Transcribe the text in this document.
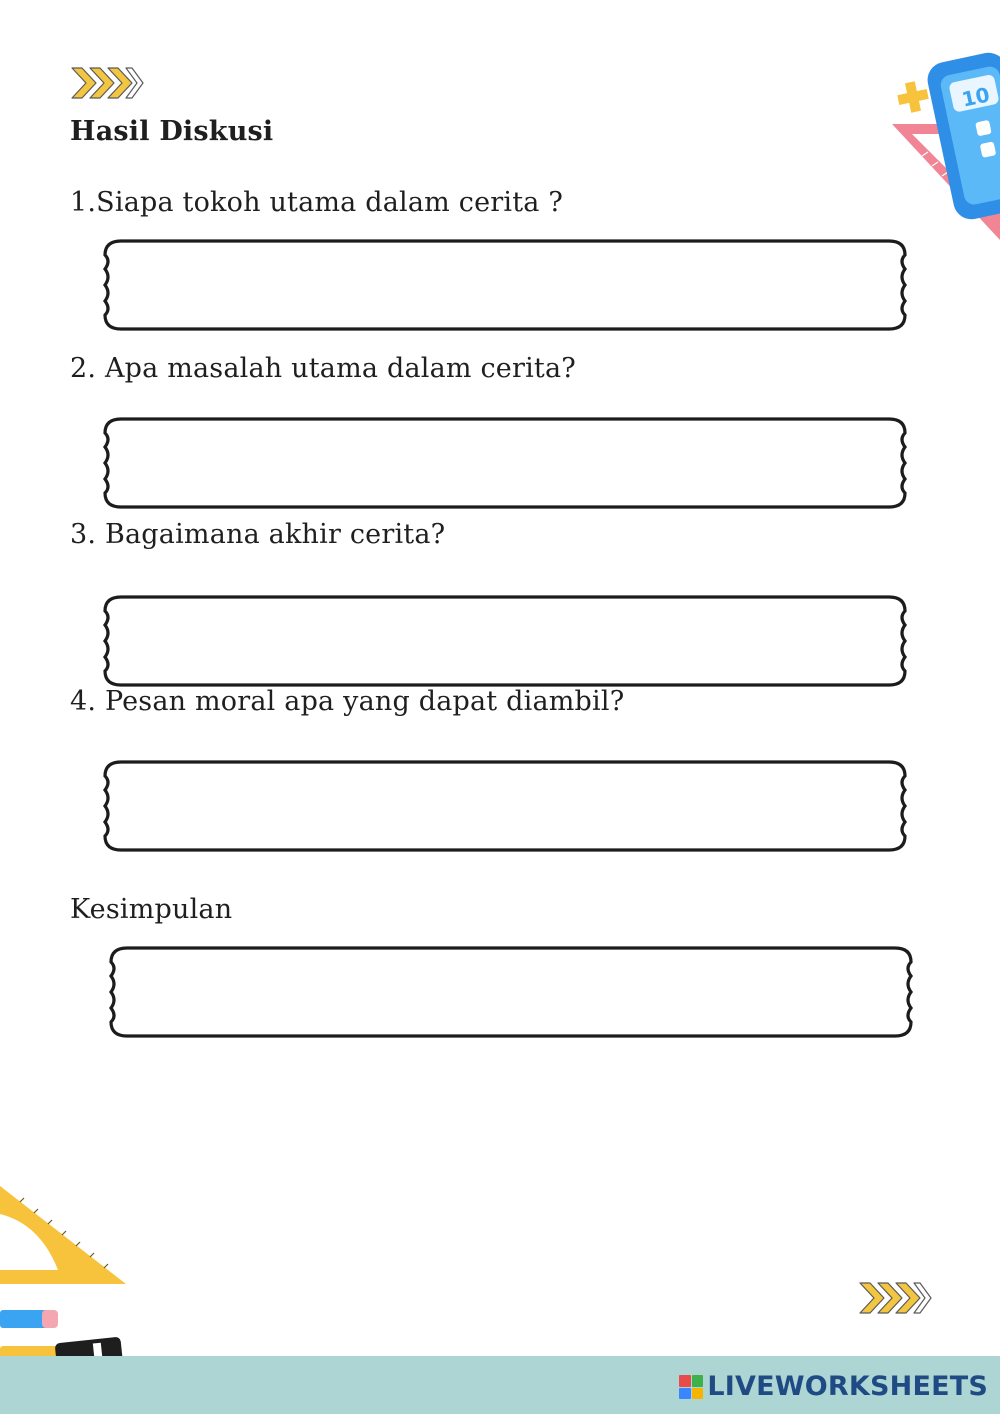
10
Hasil Diskusi
1.Siapa tokoh utama dalam cerita ?
2. Apa masalah utama dalam cerita?
3. Bagaimana akhir cerita?
4. Pesan moral apa yang dapat diambil?
Kesimpulan
LIVEWORKSHEETS
